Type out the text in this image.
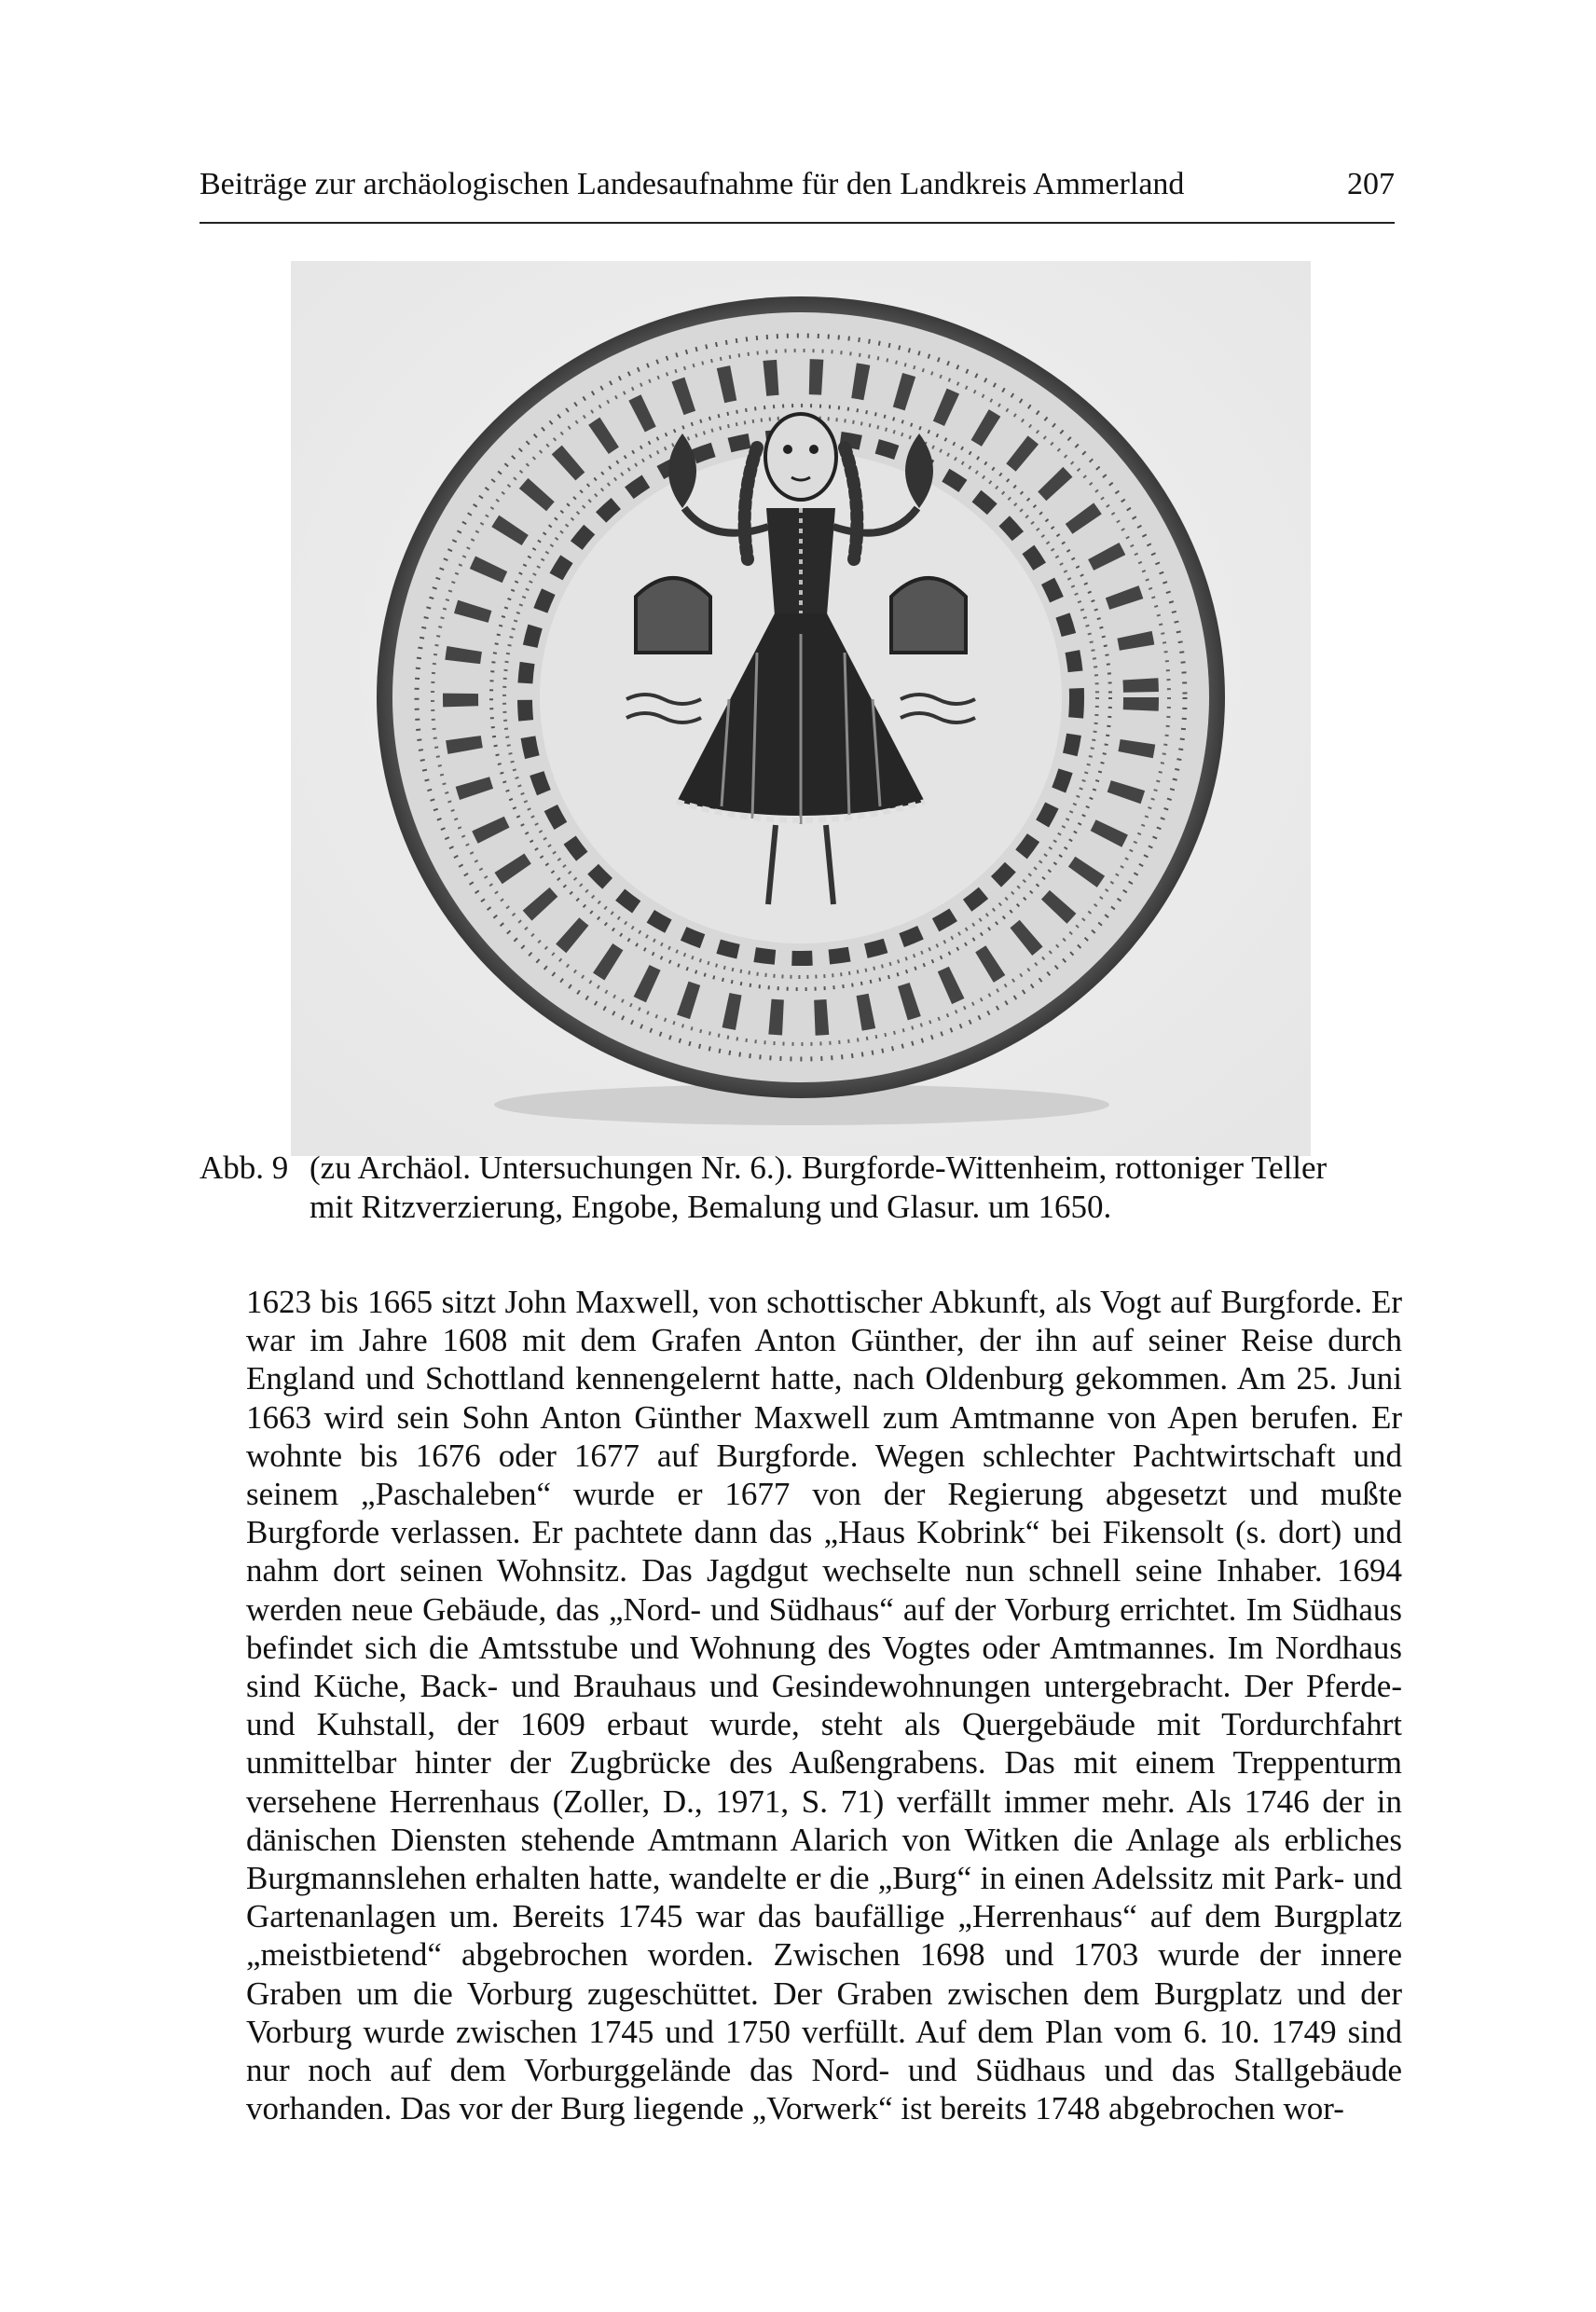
Beiträge zur archäologischen Landesaufnahme für den Landkreis Ammerland	207
Abb. 9 (zu Archäol. Untersuchungen Nr. 6.). Burgforde-Wittenheim, rottoniger Teller
mit Ritzverzierung, Engobe, Bemalung und Glasur. um 1650.

1623 bis 1665 sitzt John Maxwell, von schottischer Abkunft, als Vogt auf Burgforde. Er war im Jahre 1608 mit dem Grafen Anton Günther, der ihn auf seiner Reise durch England und Schottland kennengelernt hatte, nach Oldenburg gekommen. Am 25. Juni 1663 wird sein Sohn Anton Günther Maxwell zum Amtmanne von Apen berufen. Er wohnte bis 1676 oder 1677 auf Burgforde. Wegen schlechter Pachtwirtschaft und seinem „Paschaleben“ wurde er 1677 von der Regierung abgesetzt und mußte Burgforde verlassen. Er pachtete dann das „Haus Kobrink“ bei Fikensolt (s. dort) und nahm dort seinen Wohnsitz. Das Jagdgut wechselte nun schnell seine Inhaber. 1694 werden neue Gebäude, das „Nord- und Südhaus“ auf der Vorburg errichtet. Im Südhaus befindet sich die Amtsstube und Wohnung des Vogtes oder Amtmannes. Im Nordhaus sind Küche, Back- und Brauhaus und Gesindewohnungen untergebracht. Der Pferde- und Kuhstall, der 1609 erbaut wurde, steht als Quergebäude mit Tordurchfahrt unmittelbar hinter der Zugbrücke des Außengrabens. Das mit einem Treppenturm versehene Herrenhaus (Zoller, D., 1971, S. 71) verfällt immer mehr. Als 1746 der in dänischen Diensten stehende Amtmann Alarich von Witken die Anlage als erbliches Burgmannslehen erhalten hatte, wandelte er die „Burg“ in einen Adelssitz mit Park- und Gartenanlagen um. Bereits 1745 war das baufällige „Herrenhaus“ auf dem Burgplatz „meistbietend“ abgebrochen worden. Zwischen 1698 und 1703 wurde der innere Graben um die Vorburg zugeschüttet. Der Graben zwischen dem Burgplatz und der Vorburg wurde zwischen 1745 und 1750 verfüllt. Auf dem Plan vom 6. 10. 1749 sind nur noch auf dem Vorburggelände das Nord- und Südhaus und das Stallgebäude vorhanden. Das vor der Burg liegende „Vorwerk“ ist bereits 1748 abgebrochen wor-
